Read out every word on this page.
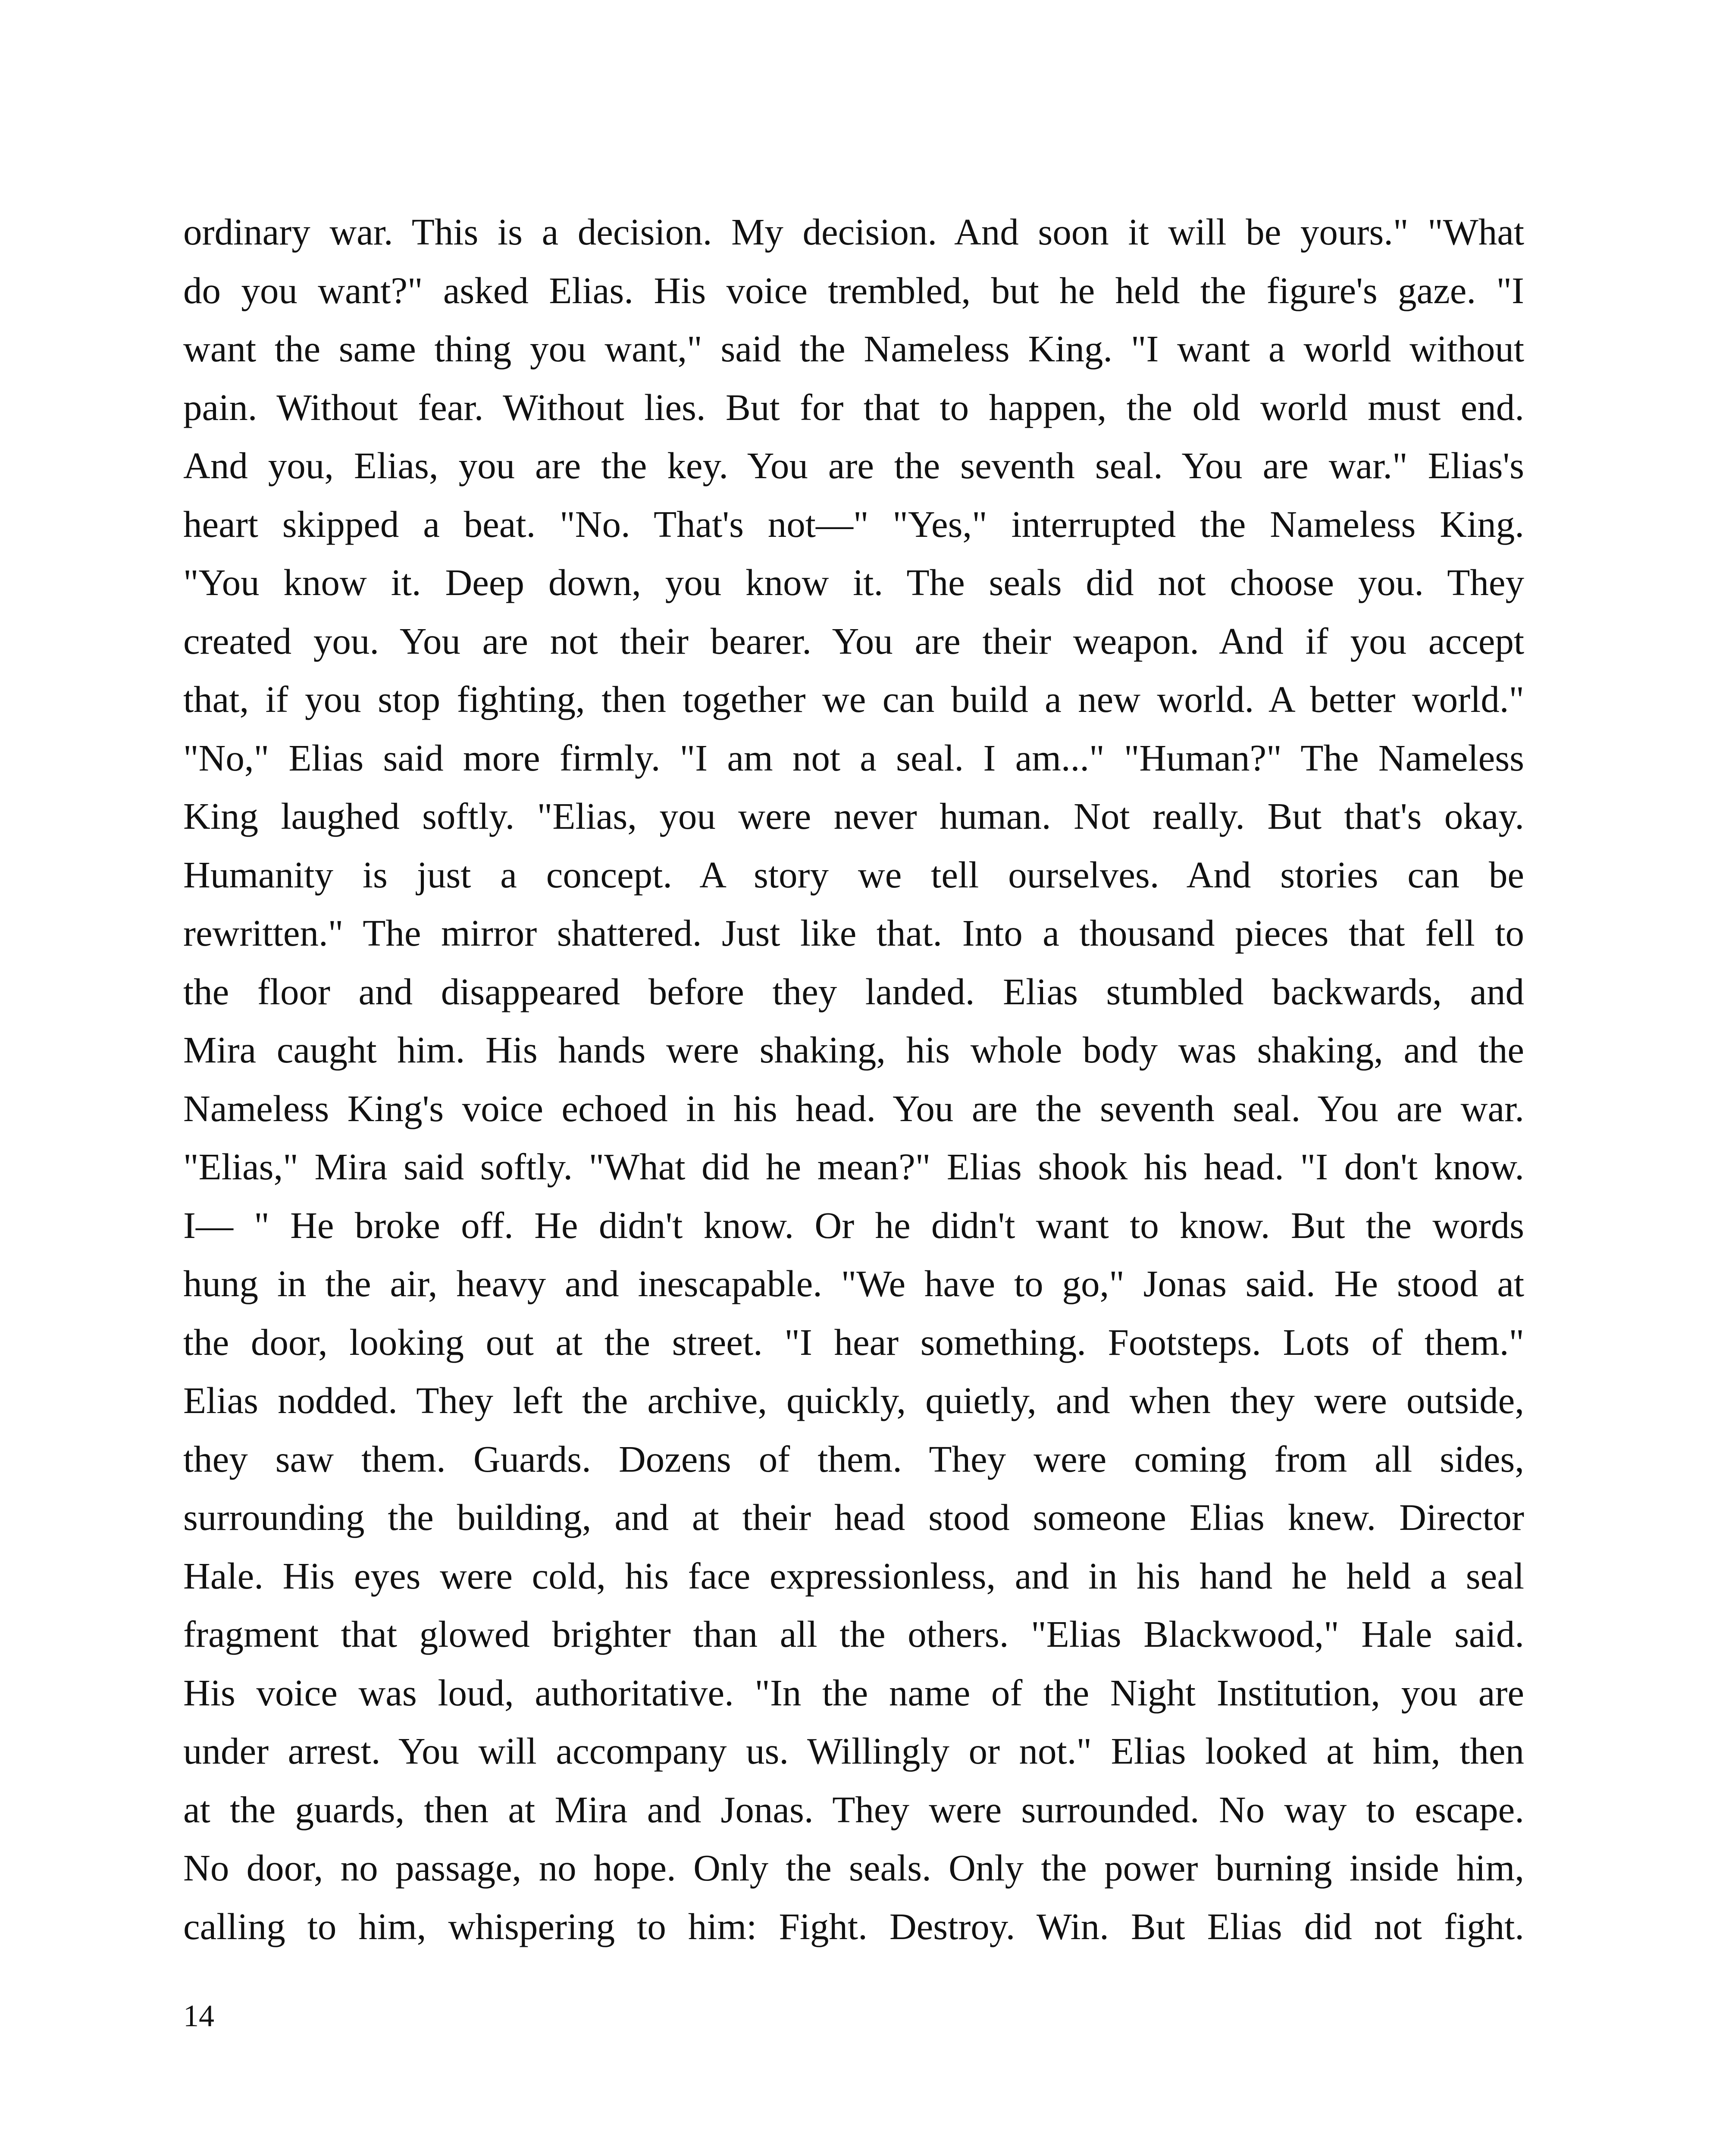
ordinary war. This is a decision. My decision. And soon it will be yours." "What
do you want?" asked Elias. His voice trembled, but he held the figure's gaze. "I
want the same thing you want," said the Nameless King. "I want a world without
pain. Without fear. Without lies. But for that to happen, the old world must end.
And you, Elias, you are the key. You are the seventh seal. You are war." Elias's
heart skipped a beat. "No. That's not—" "Yes," interrupted the Nameless King.
"You know it. Deep down, you know it. The seals did not choose you. They
created you. You are not their bearer. You are their weapon. And if you accept
that, if you stop fighting, then together we can build a new world. A better world."
"No," Elias said more firmly. "I am not a seal. I am..." "Human?" The Nameless
King laughed softly. "Elias, you were never human. Not really. But that's okay.
Humanity is just a concept. A story we tell ourselves. And stories can be
rewritten." The mirror shattered. Just like that. Into a thousand pieces that fell to
the floor and disappeared before they landed. Elias stumbled backwards, and
Mira caught him. His hands were shaking, his whole body was shaking, and the
Nameless King's voice echoed in his head. You are the seventh seal. You are war.
"Elias," Mira said softly. "What did he mean?" Elias shook his head. "I don't know.
I— " He broke off. He didn't know. Or he didn't want to know. But the words
hung in the air, heavy and inescapable. "We have to go," Jonas said. He stood at
the door, looking out at the street. "I hear something. Footsteps. Lots of them."
Elias nodded. They left the archive, quickly, quietly, and when they were outside,
they saw them. Guards. Dozens of them. They were coming from all sides,
surrounding the building, and at their head stood someone Elias knew. Director
Hale. His eyes were cold, his face expressionless, and in his hand he held a seal
fragment that glowed brighter than all the others. "Elias Blackwood," Hale said.
His voice was loud, authoritative. "In the name of the Night Institution, you are
under arrest. You will accompany us. Willingly or not." Elias looked at him, then
at the guards, then at Mira and Jonas. They were surrounded. No way to escape.
No door, no passage, no hope. Only the seals. Only the power burning inside him,
calling to him, whispering to him: Fight. Destroy. Win. But Elias did not fight.
14
